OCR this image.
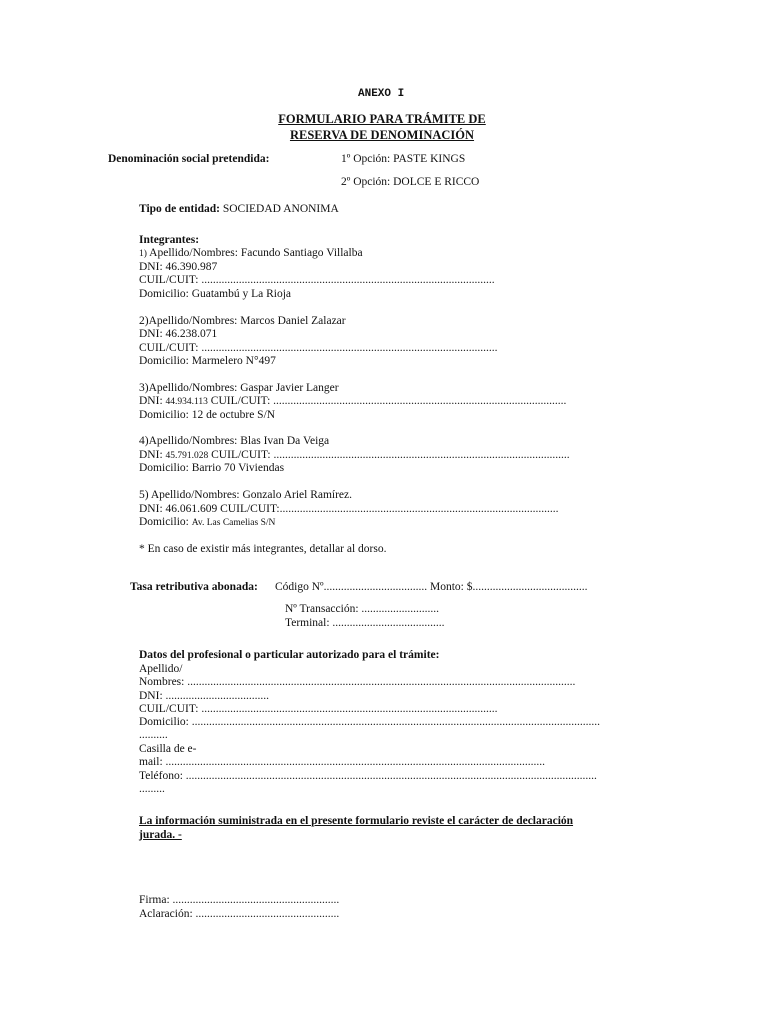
ANEXO I
FORMULARIO PARA TRÁMITE DE
RESERVA DE DENOMINACIÓN
Denominación social pretendida:	1º Opción: PASTE KINGS
2º Opción: DOLCE E RICCO
Tipo de entidad: SOCIEDAD ANONIMA
Integrantes:
1) Apellido/Nombres: Facundo Santiago Villalba
DNI: 46.390.987
CUIL/CUIT: ......................................................................................................
Domicilio: Guatambú y La Rioja
2)Apellido/Nombres: Marcos Daniel Zalazar
DNI: 46.238.071
CUIL/CUIT: .......................................................................................................
Domicilio: Marmelero N°497
3)Apellido/Nombres: Gaspar Javier Langer
DNI: 44.934.113 CUIL/CUIT: ......................................................................................................
Domicilio: 12 de octubre S/N
4)Apellido/Nombres: Blas Ivan Da Veiga
DNI: 45.791.028 CUIL/CUIT: .......................................................................................................
Domicilio: Barrio 70 Viviendas
5) Apellido/Nombres: Gonzalo Ariel Ramírez.
DNI: 46.061.609 CUIL/CUIT:.................................................................................................
Domicilio: Av. Las Camelias S/N
* En caso de existir más integrantes, detallar al dorso.
Tasa retributiva abonada: Código Nº.................................... Monto: $........................................
Nº Transacción: ...........................
Terminal: .......................................
Datos del profesional o particular autorizado para el trámite:
Apellido/
Nombres: .......................................................................................................................................
DNI: ....................................
CUIL/CUIT: .......................................................................................................
Domicilio: ..............................................................................................................................................
..........
Casilla de e-
mail: ....................................................................................................................................
Teléfono: ...............................................................................................................................................
.........
La información suministrada en el presente formulario reviste el carácter de declaración
jurada. -
Firma: ..........................................................
Aclaración: ..................................................
